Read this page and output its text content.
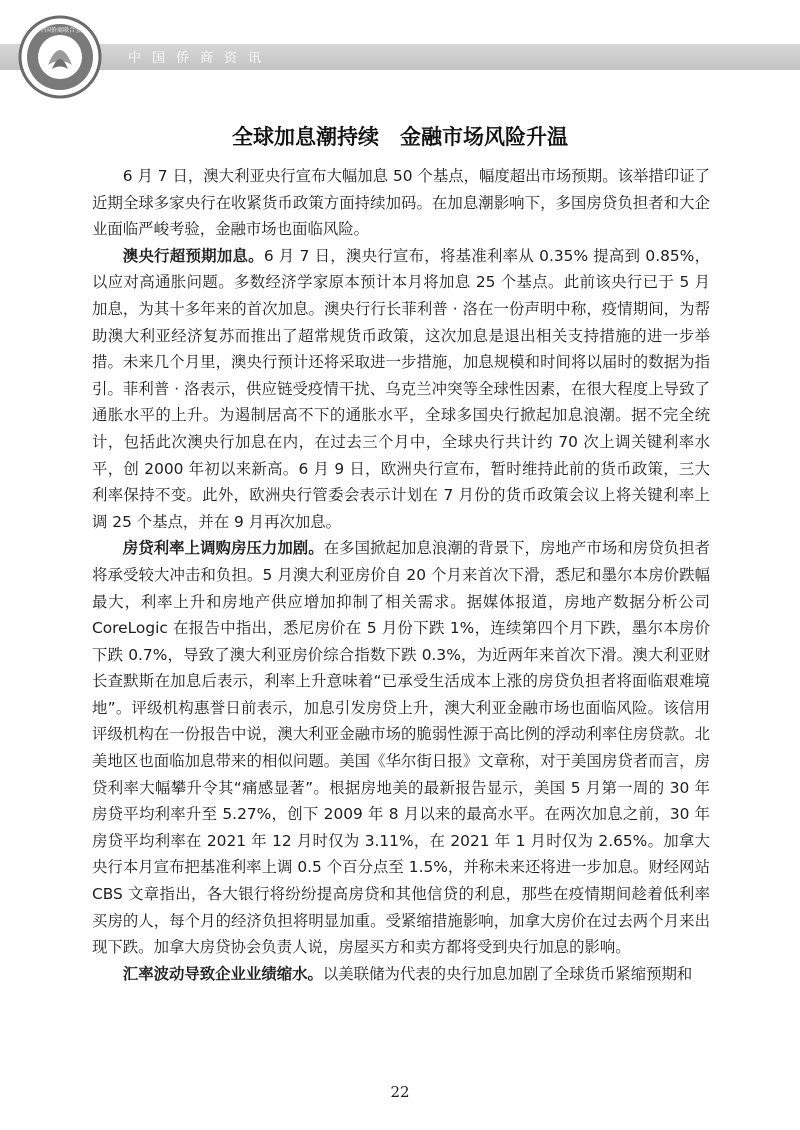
中国侨商资讯
中国侨商联合会
全球加息潮持续　金融市场风险升温

6 月 7 日，澳大利亚央行宣布大幅加息 50 个基点，幅度超出市场预期。该举措印证了近期全球多家央行在收紧货币政策方面持续加码。在加息潮影响下，多国房贷负担者和大企业面临严峻考验，金融市场也面临风险。

澳央行超预期加息。6 月 7 日，澳央行宣布，将基准利率从 0.35% 提高到 0.85%，以应对高通胀问题。多数经济学家原本预计本月将加息 25 个基点。此前该央行已于 5 月加息，为其十多年来的首次加息。澳央行行长菲利普 · 洛在一份声明中称，疫情期间，为帮助澳大利亚经济复苏而推出了超常规货币政策，这次加息是退出相关支持措施的进一步举措。未来几个月里，澳央行预计还将采取进一步措施，加息规模和时间将以届时的数据为指引。菲利普 · 洛表示，供应链受疫情干扰、乌克兰冲突等全球性因素，在很大程度上导致了通胀水平的上升。为遏制居高不下的通胀水平，全球多国央行掀起加息浪潮。据不完全统计，包括此次澳央行加息在内，在过去三个月中，全球央行共计约 70 次上调关键利率水平，创 2000 年初以来新高。6 月 9 日，欧洲央行宣布，暂时维持此前的货币政策，三大利率保持不变。此外，欧洲央行管委会表示计划在 7 月份的货币政策会议上将关键利率上调 25 个基点，并在 9 月再次加息。

房贷利率上调购房压力加剧。在多国掀起加息浪潮的背景下，房地产市场和房贷负担者将承受较大冲击和负担。5 月澳大利亚房价自 20 个月来首次下滑，悉尼和墨尔本房价跌幅最大，利率上升和房地产供应增加抑制了相关需求。据媒体报道，房地产数据分析公司 CoreLogic 在报告中指出，悉尼房价在 5 月份下跌 1%，连续第四个月下跌，墨尔本房价下跌 0.7%，导致了澳大利亚房价综合指数下跌 0.3%，为近两年来首次下滑。澳大利亚财长查默斯在加息后表示，利率上升意味着“已承受生活成本上涨的房贷负担者将面临艰难境地”。评级机构惠誉日前表示，加息引发房贷上升，澳大利亚金融市场也面临风险。该信用评级机构在一份报告中说，澳大利亚金融市场的脆弱性源于高比例的浮动利率住房贷款。北美地区也面临加息带来的相似问题。美国《华尔街日报》文章称，对于美国房贷者而言，房贷利率大幅攀升令其“痛感显著”。根据房地美的最新报告显示，美国 5 月第一周的 30 年房贷平均利率升至 5.27%，创下 2009 年 8 月以来的最高水平。在两次加息之前，30 年房贷平均利率在 2021 年 12 月时仅为 3.11%，在 2021 年 1 月时仅为 2.65%。加拿大央行本月宣布把基准利率上调 0.5 个百分点至 1.5%，并称未来还将进一步加息。财经网站 CBS 文章指出，各大银行将纷纷提高房贷和其他信贷的利息，那些在疫情期间趁着低利率买房的人，每个月的经济负担将明显加重。受紧缩措施影响，加拿大房价在过去两个月来出现下跌。加拿大房贷协会负责人说，房屋买方和卖方都将受到央行加息的影响。

汇率波动导致企业业绩缩水。以美联储为代表的央行加息加剧了全球货币紧缩预期和

22
